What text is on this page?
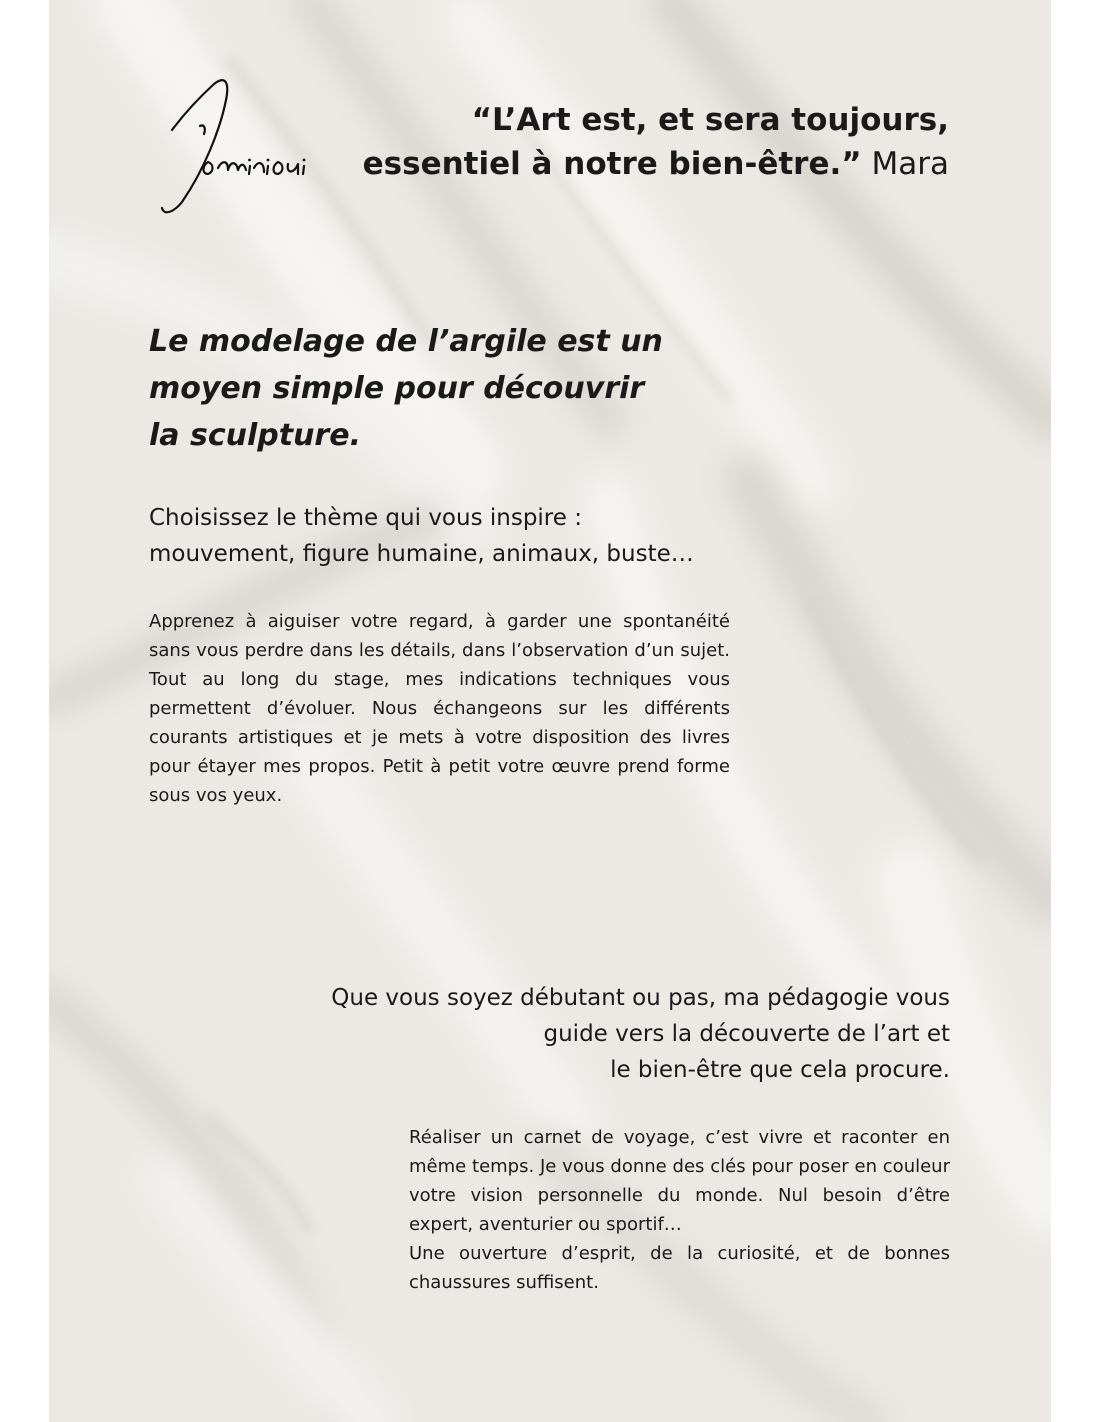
“L’Art est, et sera toujours, essentiel à notre bien-être.” Mara
Le modelage de l’argile est un
moyen simple pour découvrir
la sculpture.
Choisissez le thème qui vous inspire :
mouvement, figure humaine, animaux, buste…

Apprenez à aiguiser votre regard, à garder une spontanéité sans vous perdre dans les détails, dans l’observation d’un sujet. Tout au long du stage, mes indications techniques vous permettent d’évoluer. Nous échangeons sur les différents courants artistiques et je mets à votre disposition des livres pour étayer mes propos. Petit à petit votre œuvre prend forme sous vos yeux.

Que vous soyez débutant ou pas, ma pédagogie vous
guide vers la découverte de l’art et
le bien-être que cela procure.

Réaliser un carnet de voyage, c’est vivre et raconter en même temps. Je vous donne des clés pour poser en couleur votre vision personnelle du monde. Nul besoin d’être expert, aventurier ou sportif…

Une ouverture d’esprit, de la curiosité, et de bonnes chaussures suffisent.
